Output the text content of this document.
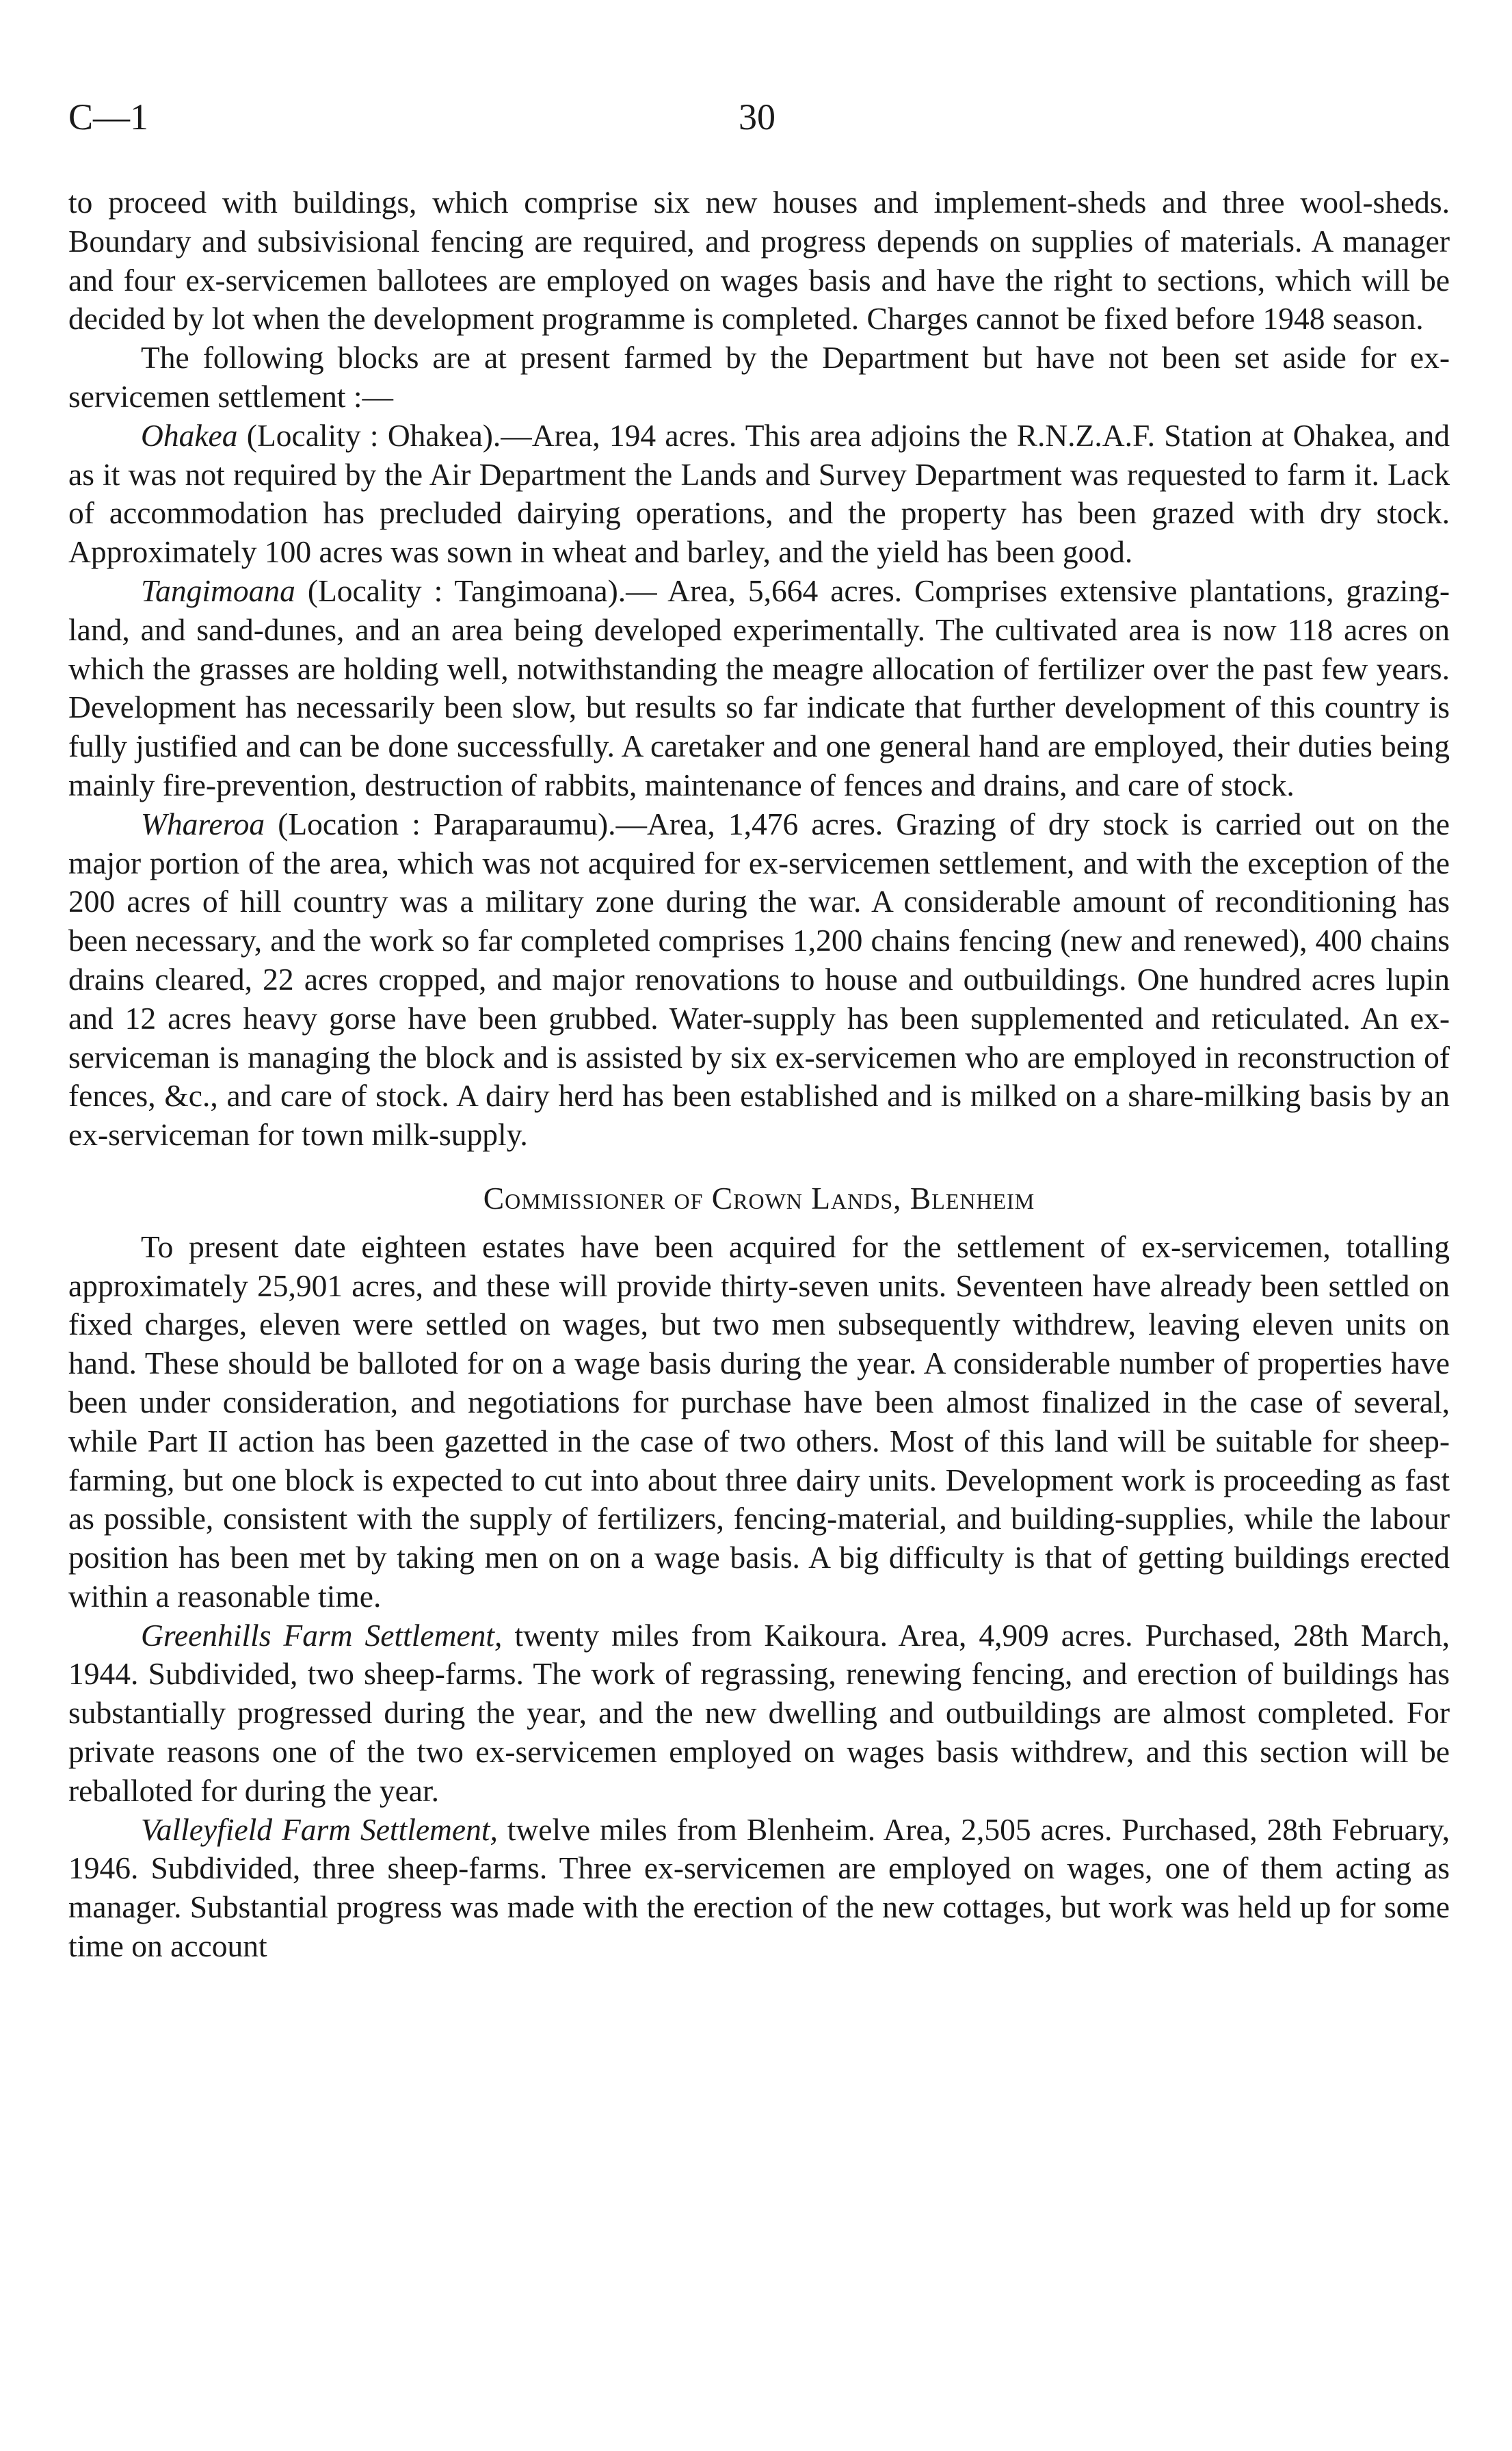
C—1	30

to proceed with buildings, which comprise six new houses and implement-sheds and three wool-sheds. Boundary and subsivisional fencing are required, and progress depends on supplies of materials. A manager and four ex-servicemen ballotees are employed on wages basis and have the right to sections, which will be decided by lot when the development programme is completed. Charges cannot be fixed before 1948 season.

The following blocks are at present farmed by the Department but have not been set aside for ex-servicemen settlement :—

Ohakea (Locality : Ohakea).—Area, 194 acres. This area adjoins the R.N.Z.A.F. Station at Ohakea, and as it was not required by the Air Department the Lands and Survey Department was requested to farm it. Lack of accommodation has precluded dairying operations, and the property has been grazed with dry stock. Approximately 100 acres was sown in wheat and barley, and the yield has been good.

Tangimoana (Locality : Tangimoana).— Area, 5,664 acres. Comprises extensive plantations, grazing-land, and sand-dunes, and an area being developed experimentally. The cultivated area is now 118 acres on which the grasses are holding well, notwithstanding the meagre allocation of fertilizer over the past few years. Development has necessarily been slow, but results so far indicate that further development of this country is fully justified and can be done successfully. A caretaker and one general hand are employed, their duties being mainly fire-prevention, destruction of rabbits, maintenance of fences and drains, and care of stock.

Whareroa (Location : Paraparaumu).—Area, 1,476 acres. Grazing of dry stock is carried out on the major portion of the area, which was not acquired for ex-servicemen settlement, and with the exception of the 200 acres of hill country was a military zone during the war. A considerable amount of reconditioning has been necessary, and the work so far completed comprises 1,200 chains fencing (new and renewed), 400 chains drains cleared, 22 acres cropped, and major renovations to house and outbuildings. One hundred acres lupin and 12 acres heavy gorse have been grubbed. Water-supply has been supplemented and reticulated. An ex-serviceman is managing the block and is assisted by six ex-servicemen who are employed in reconstruction of fences, &c., and care of stock. A dairy herd has been established and is milked on a share-milking basis by an ex-serviceman for town milk-supply.

Commissioner of Crown Lands, Blenheim

To present date eighteen estates have been acquired for the settlement of ex-servicemen, totalling approximately 25,901 acres, and these will provide thirty-seven units. Seventeen have already been settled on fixed charges, eleven were settled on wages, but two men subsequently withdrew, leaving eleven units on hand. These should be balloted for on a wage basis during the year. A considerable number of properties have been under consideration, and negotiations for purchase have been almost finalized in the case of several, while Part II action has been gazetted in the case of two others. Most of this land will be suitable for sheep-farming, but one block is expected to cut into about three dairy units. Development work is proceeding as fast as possible, consistent with the supply of fertilizers, fencing-material, and building-supplies, while the labour position has been met by taking men on on a wage basis. A big difficulty is that of getting buildings erected within a reasonable time.

Greenhills Farm Settlement, twenty miles from Kaikoura. Area, 4,909 acres. Purchased, 28th March, 1944. Subdivided, two sheep-farms. The work of regrassing, renewing fencing, and erection of buildings has substantially progressed during the year, and the new dwelling and outbuildings are almost completed. For private reasons one of the two ex-servicemen employed on wages basis withdrew, and this section will be reballoted for during the year.

Valleyfield Farm Settlement, twelve miles from Blenheim. Area, 2,505 acres. Purchased, 28th February, 1946. Subdivided, three sheep-farms. Three ex-servicemen are employed on wages, one of them acting as manager. Substantial progress was made with the erection of the new cottages, but work was held up for some time on account
